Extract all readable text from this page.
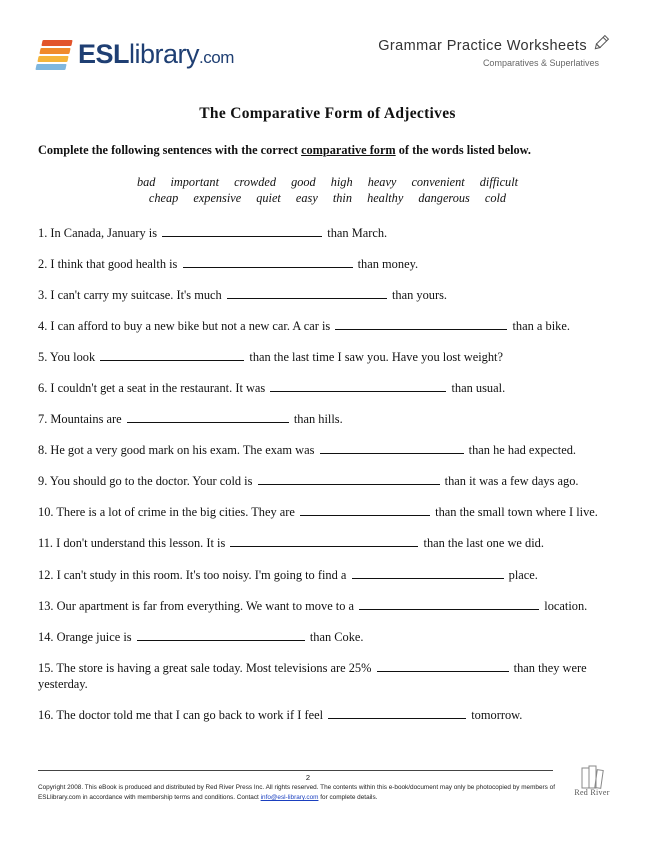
ESLlibrary.com
Grammar Practice Worksheets
Comparatives & Superlatives
The Comparative Form of Adjectives
Complete the following sentences with the correct comparative form of the words listed below.
bad important crowded good high heavy convenient difficult
cheap expensive quiet easy thin healthy dangerous cold
1. In Canada, January is	than March.
2. I think that good health is	than money.
3. I can't carry my suitcase. It's much	than yours.
4. I can afford to buy a new bike but not a new car. A car is	than a bike.
5. You look	than the last time I saw you. Have you lost weight?
6. I couldn't get a seat in the restaurant. It was	than usual.
7. Mountains are	than hills.
8. He got a very good mark on his exam. The exam was	than he had expected.
9. You should go to the doctor. Your cold is	than it was a few days ago.
10. There is a lot of crime in the big cities. They are	than the small town where I live.
11. I don't understand this lesson. It is	than the last one we did.
12. I can't study in this room. It's too noisy. I'm going to find a	place.
13. Our apartment is far from everything. We want to move to a	location.
14. Orange juice is	than Coke.
15. The store is having a great sale today. Most televisions are 25%	than they were
yesterday.
16. The doctor told me that I can go back to work if I feel	tomorrow.
2
Copyright 2008. This eBook is produced and distributed by Red River Press Inc. All rights reserved. The contents within this e-book/document may only be photocopied by members of ESLlibrary.com in accordance with membership terms and conditions. Contact info@esl-library.com for complete details.
Red River
